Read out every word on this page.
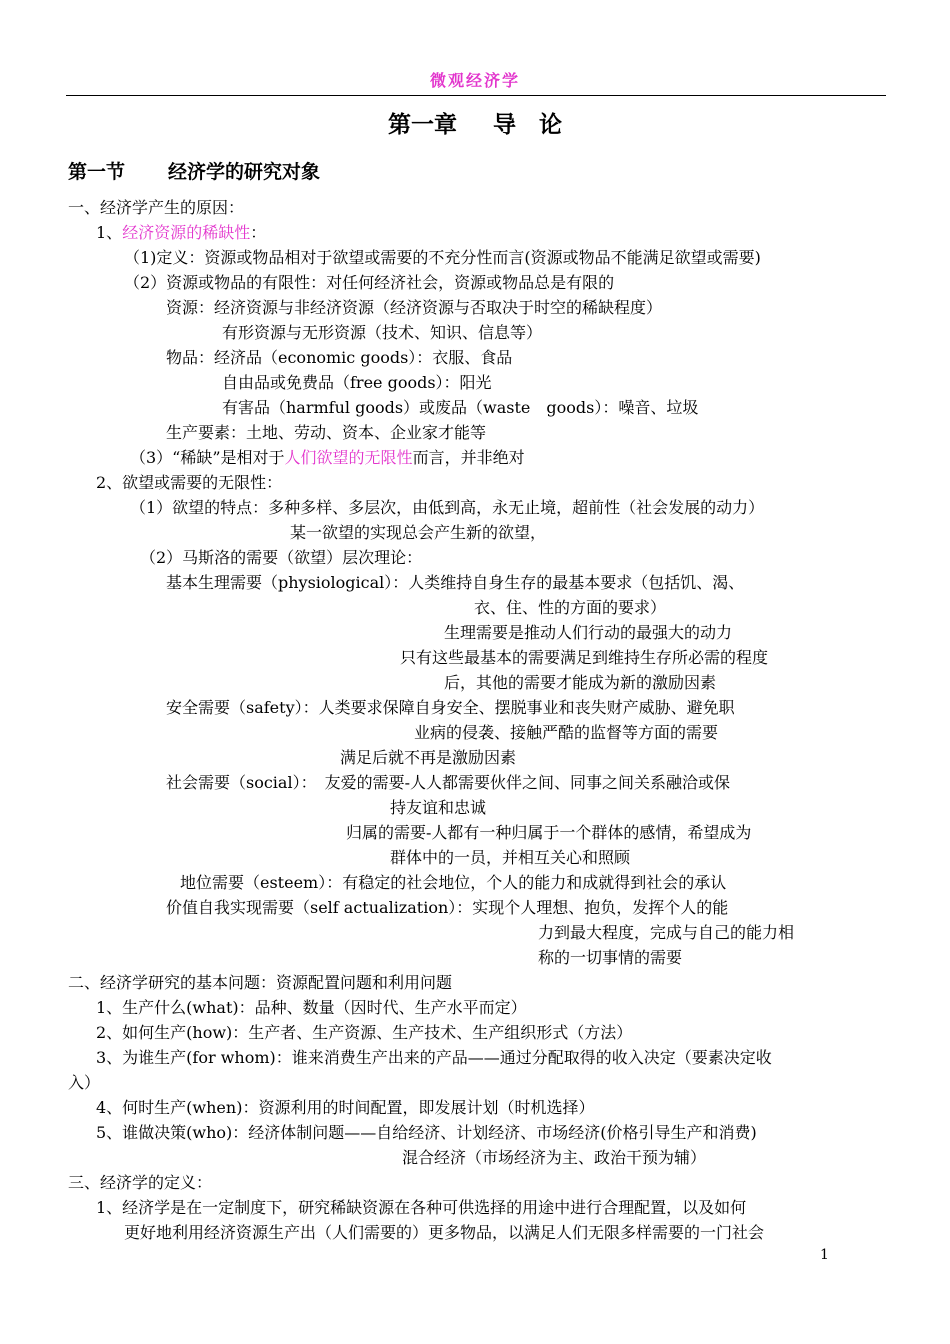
微观经济学
第一章 导　论
第一节 经济学的研究对象
一、经济学产生的原因：
1、经济资源的稀缺性：
（1)定义：资源或物品相对于欲望或需要的不充分性而言(资源或物品不能满足欲望或需要)
（2）资源或物品的有限性：对任何经济社会，资源或物品总是有限的
资源：经济资源与非经济资源（经济资源与否取决于时空的稀缺程度）
有形资源与无形资源（技术、知识、信息等）
物品：经济品（economic goods）：衣服、食品
自由品或免费品（free goods）：阳光
有害品（harmful goods）或废品（waste　goods）：噪音、垃圾
生产要素：土地、劳动、资本、企业家才能等
（3）“稀缺”是相对于人们欲望的无限性而言，并非绝对
2、欲望或需要的无限性：
（1）欲望的特点：多种多样、多层次，由低到高，永无止境，超前性（社会发展的动力）
某一欲望的实现总会产生新的欲望，
（2）马斯洛的需要（欲望）层次理论：
基本生理需要（physiological）：人类维持自身生存的最基本要求（包括饥、渴、
衣、住、性的方面的要求）
生理需要是推动人们行动的最强大的动力
只有这些最基本的需要满足到维持生存所必需的程度
后，其他的需要才能成为新的激励因素
安全需要（safety）：人类要求保障自身安全、摆脱事业和丧失财产威胁、避免职
业病的侵袭、接触严酷的监督等方面的需要
满足后就不再是激励因素
社会需要（social）：　友爱的需要-人人都需要伙伴之间、同事之间关系融洽或保
持友谊和忠诚
归属的需要-人都有一种归属于一个群体的感情，希望成为
群体中的一员，并相互关心和照顾
地位需要（esteem）：有稳定的社会地位，个人的能力和成就得到社会的承认
价值自我实现需要（self actualization）：实现个人理想、抱负，发挥个人的能
力到最大程度，完成与自己的能力相
称的一切事情的需要
二、经济学研究的基本问题：资源配置问题和利用问题
1、生产什么(what)：品种、数量（因时代、生产水平而定）
2、如何生产(how)：生产者、生产资源、生产技术、生产组织形式（方法）
3、为谁生产(for whom)：谁来消费生产出来的产品——通过分配取得的收入决定（要素决定收
入）
4、何时生产(when)：资源利用的时间配置，即发展计划（时机选择）
5、谁做决策(who)：经济体制问题——自给经济、计划经济、市场经济(价格引导生产和消费)
混合经济（市场经济为主、政治干预为辅）
三、经济学的定义：
1、经济学是在一定制度下，研究稀缺资源在各种可供选择的用途中进行合理配置，以及如何
更好地利用经济资源生产出（人们需要的）更多物品，以满足人们无限多样需要的一门社会
1
